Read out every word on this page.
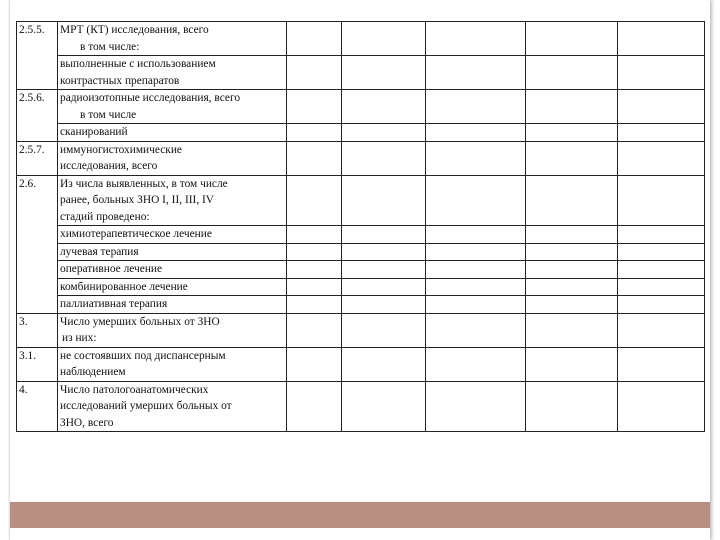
2.5.5.	МРТ (КТ) исследования, всего
в том числе:					
	выполненные с использованием
контрастных препаратов					
2.5.6.	радиоизотопные исследования, всего
в том числе					
	сканирований					
2.5.7.	иммуногистохимические
исследования, всего					
2.6.	Из числа выявленных, в том числе
ранее, больных ЗНО I, II, III, IV
стадий проведено:					
	химиотерапевтическое лечение					
	лучевая терапия					
	оперативное лечение					
	комбинированное лечение					
	паллиативная терапия					
3.	Число умерших больных от ЗНО
из них:					
3.1.	не состоявших под диспансерным
наблюдением					
4.	Число патологоанатомических
исследований умерших больных от
ЗНО, всего					
